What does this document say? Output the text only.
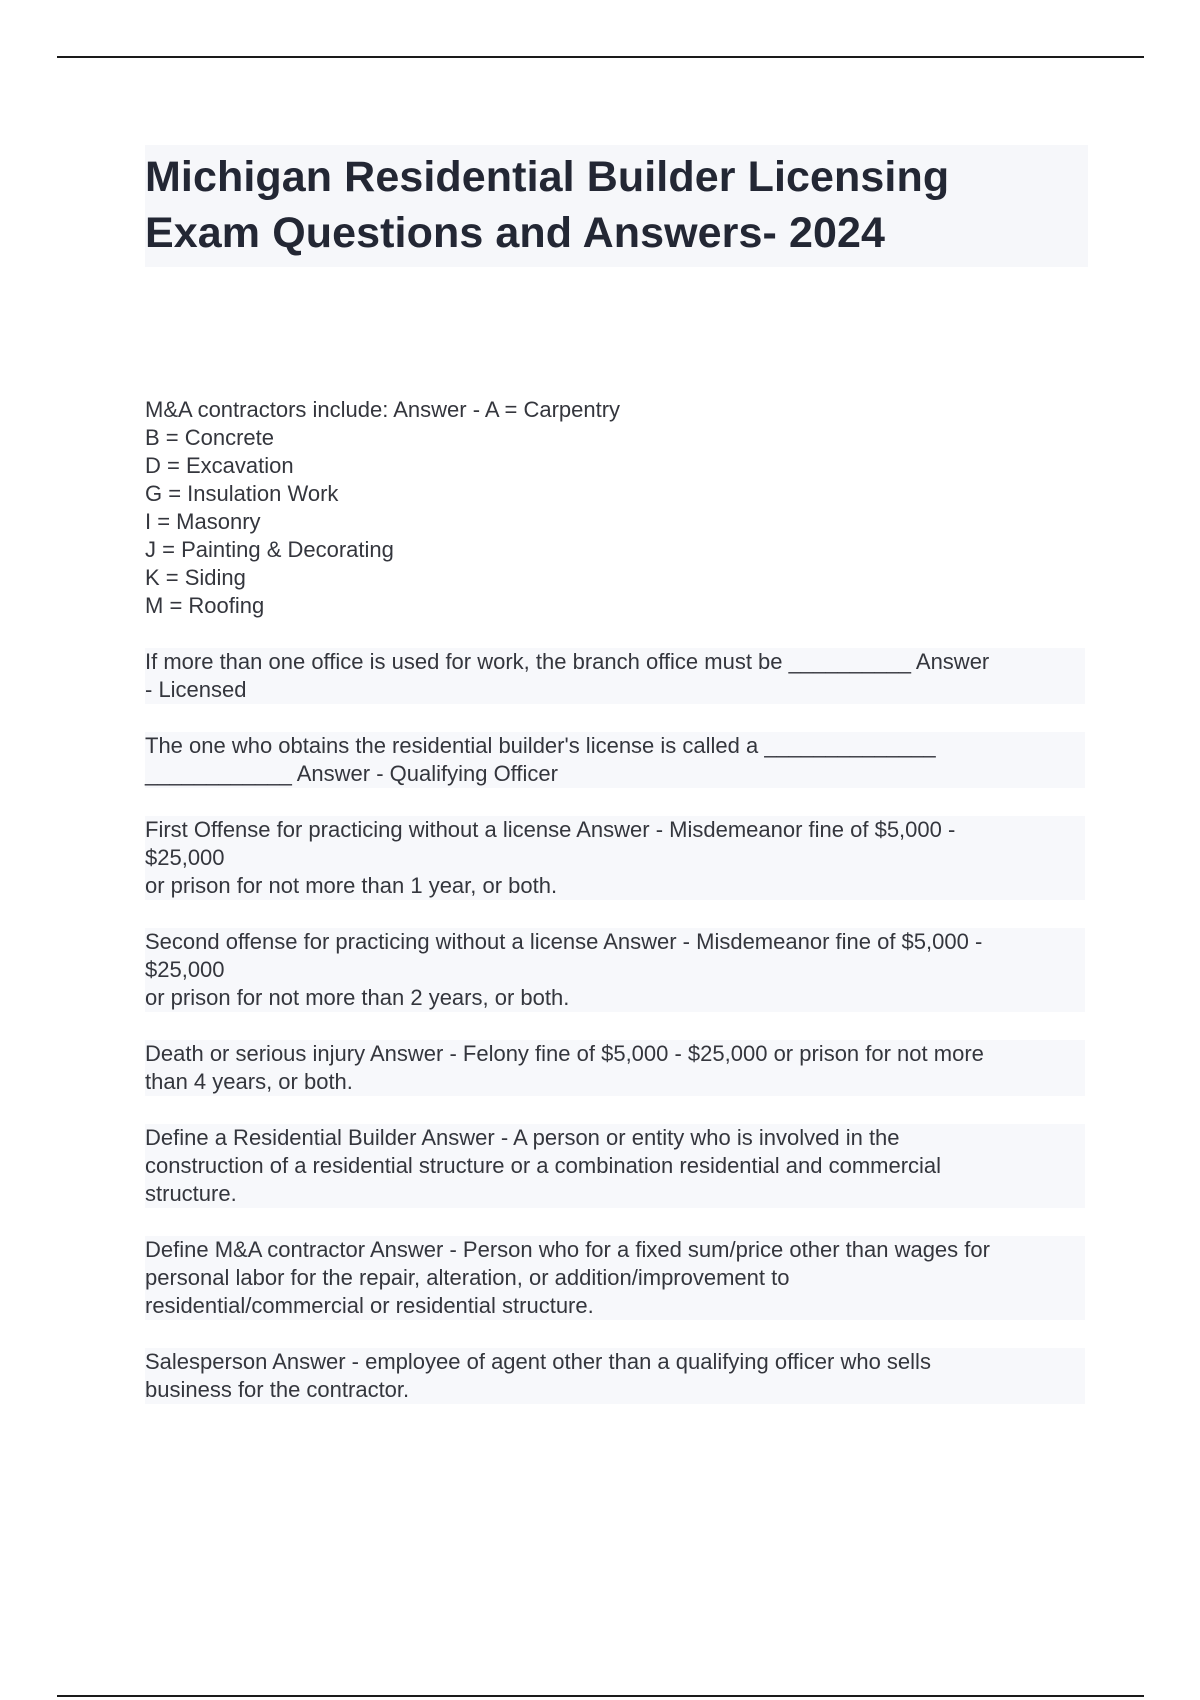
Michigan Residential Builder Licensing
Exam Questions and Answers- 2024
M&A contractors include: Answer - A = Carpentry
B = Concrete
D = Excavation
G = Insulation Work
I = Masonry
J = Painting & Decorating
K = Siding
M = Roofing
If more than one office is used for work, the branch office must be __________ Answer
- Licensed
The one who obtains the residential builder's license is called a ______________
____________ Answer - Qualifying Officer
First Offense for practicing without a license Answer - Misdemeanor fine of $5,000 -
$25,000
or prison for not more than 1 year, or both.
Second offense for practicing without a license Answer - Misdemeanor fine of $5,000 -
$25,000
or prison for not more than 2 years, or both.
Death or serious injury Answer - Felony fine of $5,000 - $25,000 or prison for not more
than 4 years, or both.
Define a Residential Builder Answer - A person or entity who is involved in the
construction of a residential structure or a combination residential and commercial
structure.
Define M&A contractor Answer - Person who for a fixed sum/price other than wages for
personal labor for the repair, alteration, or addition/improvement to
residential/commercial or residential structure.
Salesperson Answer - employee of agent other than a qualifying officer who sells
business for the contractor.
